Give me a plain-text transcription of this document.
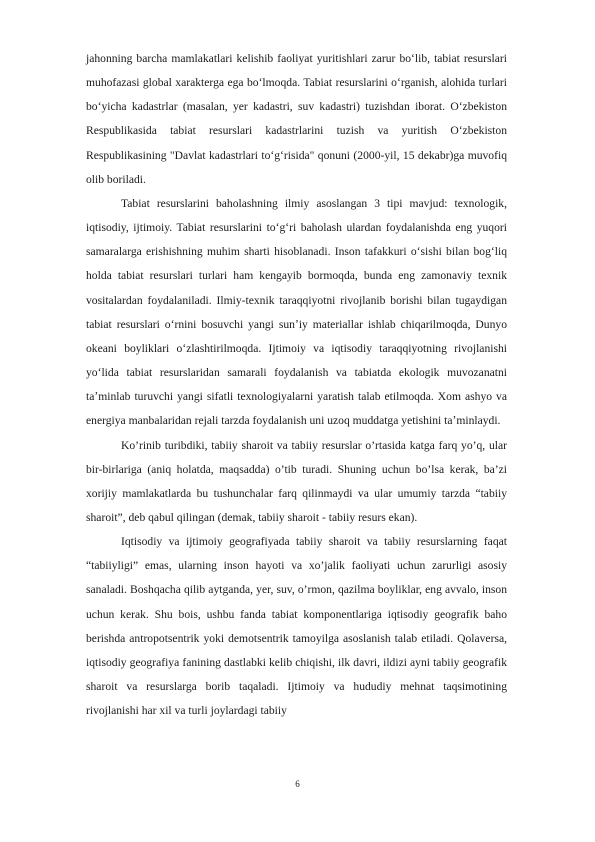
jahonning barcha mamlakatlari kelishib faoliyat yuritishlari zarur bo‘lib, tabiat resurslari muhofazasi global xarakterga ega bo‘lmoqda. Tabiat resurslarini o‘rganish, alohida turlari bo‘yicha kadastrlar (masalan, yer kadastri, suv kadastri) tuzishdan iborat. O‘zbekiston Respublikasida tabiat resurslari kadastrlarini tuzish va yuritish O‘zbekiston Respublikasining "Davlat kadastrlari to‘g‘risida" qonuni (2000-yil, 15 dekabr)ga muvofiq olib boriladi.

Tabiat resurslarini baholashning ilmiy asoslangan 3 tipi mavjud: texnologik, iqtisodiy, ijtimoiy. Tabiat resurslarini to‘g‘ri baholash ulardan foydalanishda eng yuqori samaralarga erishishning muhim sharti hisoblanadi. Inson tafakkuri o‘sishi bilan bog‘liq holda tabiat resurslari turlari ham kengayib bormoqda, bunda eng zamonaviy texnik vositalardan foydalaniladi. Ilmiy-texnik taraqqiyotni rivojlanib borishi bilan tugaydigan tabiat resurslari o‘rnini bosuvchi yangi sunʼiy materiallar ishlab chiqarilmoqda, Dunyo okeani boyliklari o‘zlashtirilmoqda. Ijtimoiy va iqtisodiy taraqqiyotning rivojlanishi yo‘lida tabiat resurslaridan samarali foydalanish va tabiatda ekologik muvozanatni taʼminlab turuvchi yangi sifatli texnologiyalarni yaratish talab etilmoqda. Xom ashyo va energiya manbalaridan rejali tarzda foydalanish uni uzoq muddatga yetishini taʼminlaydi.

Ko’rinib turibdiki, tabiiy sharoit va tabiiy resurslar o’rtasida katga farq yo’q, ular bir-birlariga (aniq holatda, maqsadda) o’tib turadi. Shuning uchun bo’lsa kerak, ba’zi xorijiy mamlakatlarda bu tushunchalar farq qilinmaydi va ular umumiy tarzda “tabiiy sharoit”, deb qabul qilingan (demak, tabiiy sharoit - tabiiy resurs ekan).

Iqtisodiy va ijtimoiy geografiyada tabiiy sharoit va tabiiy resurslarning faqat “tabiiyligi” emas, ularning inson hayoti va xo’jalik faoliyati uchun zarurligi asosiy sanaladi. Boshqacha qilib aytganda, yer, suv, o’rmon, qazilma boyliklar, eng avvalo, inson uchun kerak. Shu bois, ushbu fanda tabiat komponentlariga iqtisodiy geografik baho berishda antropotsentrik yoki demotsentrik tamoyilga asoslanish talab etiladi. Qolaversa, iqtisodiy geografiya fanining dastlabki kelib chiqishi, ilk davri, ildizi ayni tabiiy geografik sharoit va resurslarga borib taqaladi. Ijtimoiy va hududiy mehnat taqsimotining rivojlanishi har xil va turli joylardagi tabiiy

6
